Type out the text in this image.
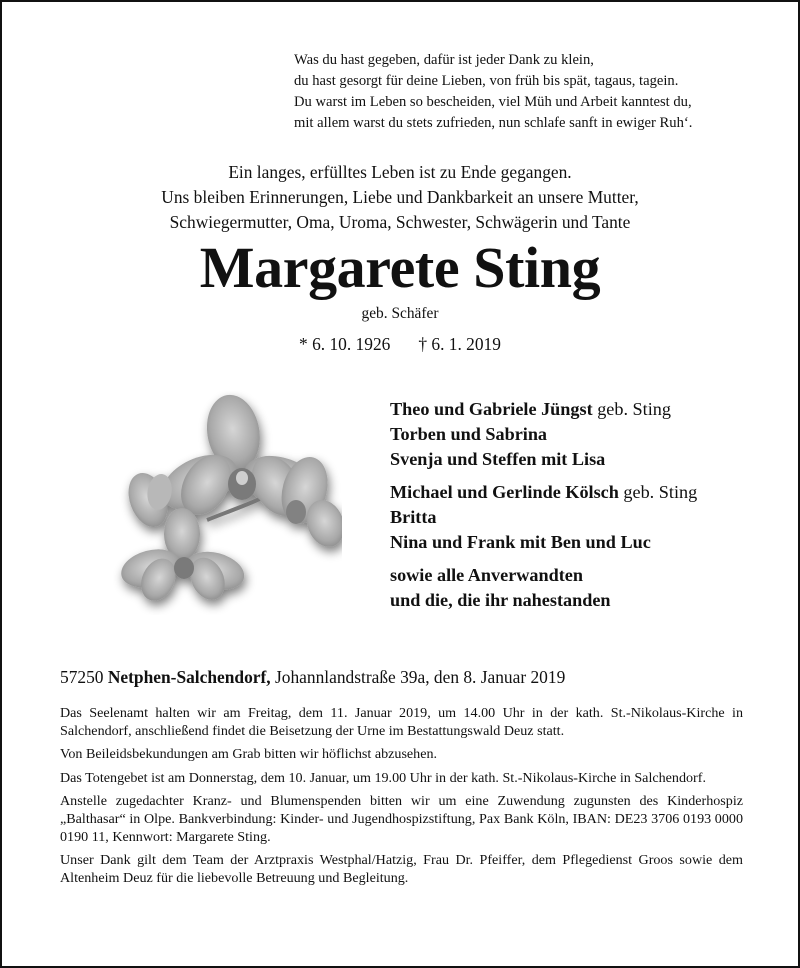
Was du hast gegeben, dafür ist jeder Dank zu klein,
du hast gesorgt für deine Lieben, von früh bis spät, tagaus, tagein.
Du warst im Leben so bescheiden, viel Müh und Arbeit kanntest du,
mit allem warst du stets zufrieden, nun schlafe sanft in ewiger Ruh‘.
Ein langes, erfülltes Leben ist zu Ende gegangen.
Uns bleiben Erinnerungen, Liebe und Dankbarkeit an unsere Mutter,
Schwiegermutter, Oma, Uroma, Schwester, Schwägerin und Tante
Margarete Sting
geb. Schäfer
* 6. 10. 1926 † 6. 1. 2019
Theo und Gabriele Jüngst geb. Sting
Torben und Sabrina
Svenja und Steffen mit Lisa
Michael und Gerlinde Kölsch geb. Sting
Britta
Nina und Frank mit Ben und Luc
sowie alle Anverwandten
und die, die ihr nahestanden
57250 Netphen-Salchendorf, Johannlandstraße 39a, den 8. Januar 2019

Das Seelenamt halten wir am Freitag, dem 11. Januar 2019, um 14.00 Uhr in der kath. St.-Nikolaus-Kirche in Salchendorf, anschließend findet die Beisetzung der Urne im Bestattungswald Deuz statt.

Von Beileidsbekundungen am Grab bitten wir höflichst abzusehen.

Das Totengebet ist am Donnerstag, dem 10. Januar, um 19.00 Uhr in der kath. St.-Nikolaus-Kirche in Salchendorf.

Anstelle zugedachter Kranz- und Blumenspenden bitten wir um eine Zuwendung zugunsten des Kinderhospiz „Balthasar“ in Olpe. Bankverbindung: Kinder- und Jugendhospizstiftung, Pax Bank Köln, IBAN: DE23 3706 0193 0000 0190 11, Kennwort: Margarete Sting.

Unser Dank gilt dem Team der Arztpraxis Westphal/Hatzig, Frau Dr. Pfeiffer, dem Pflegedienst Groos sowie dem Altenheim Deuz für die liebevolle Betreuung und Begleitung.
